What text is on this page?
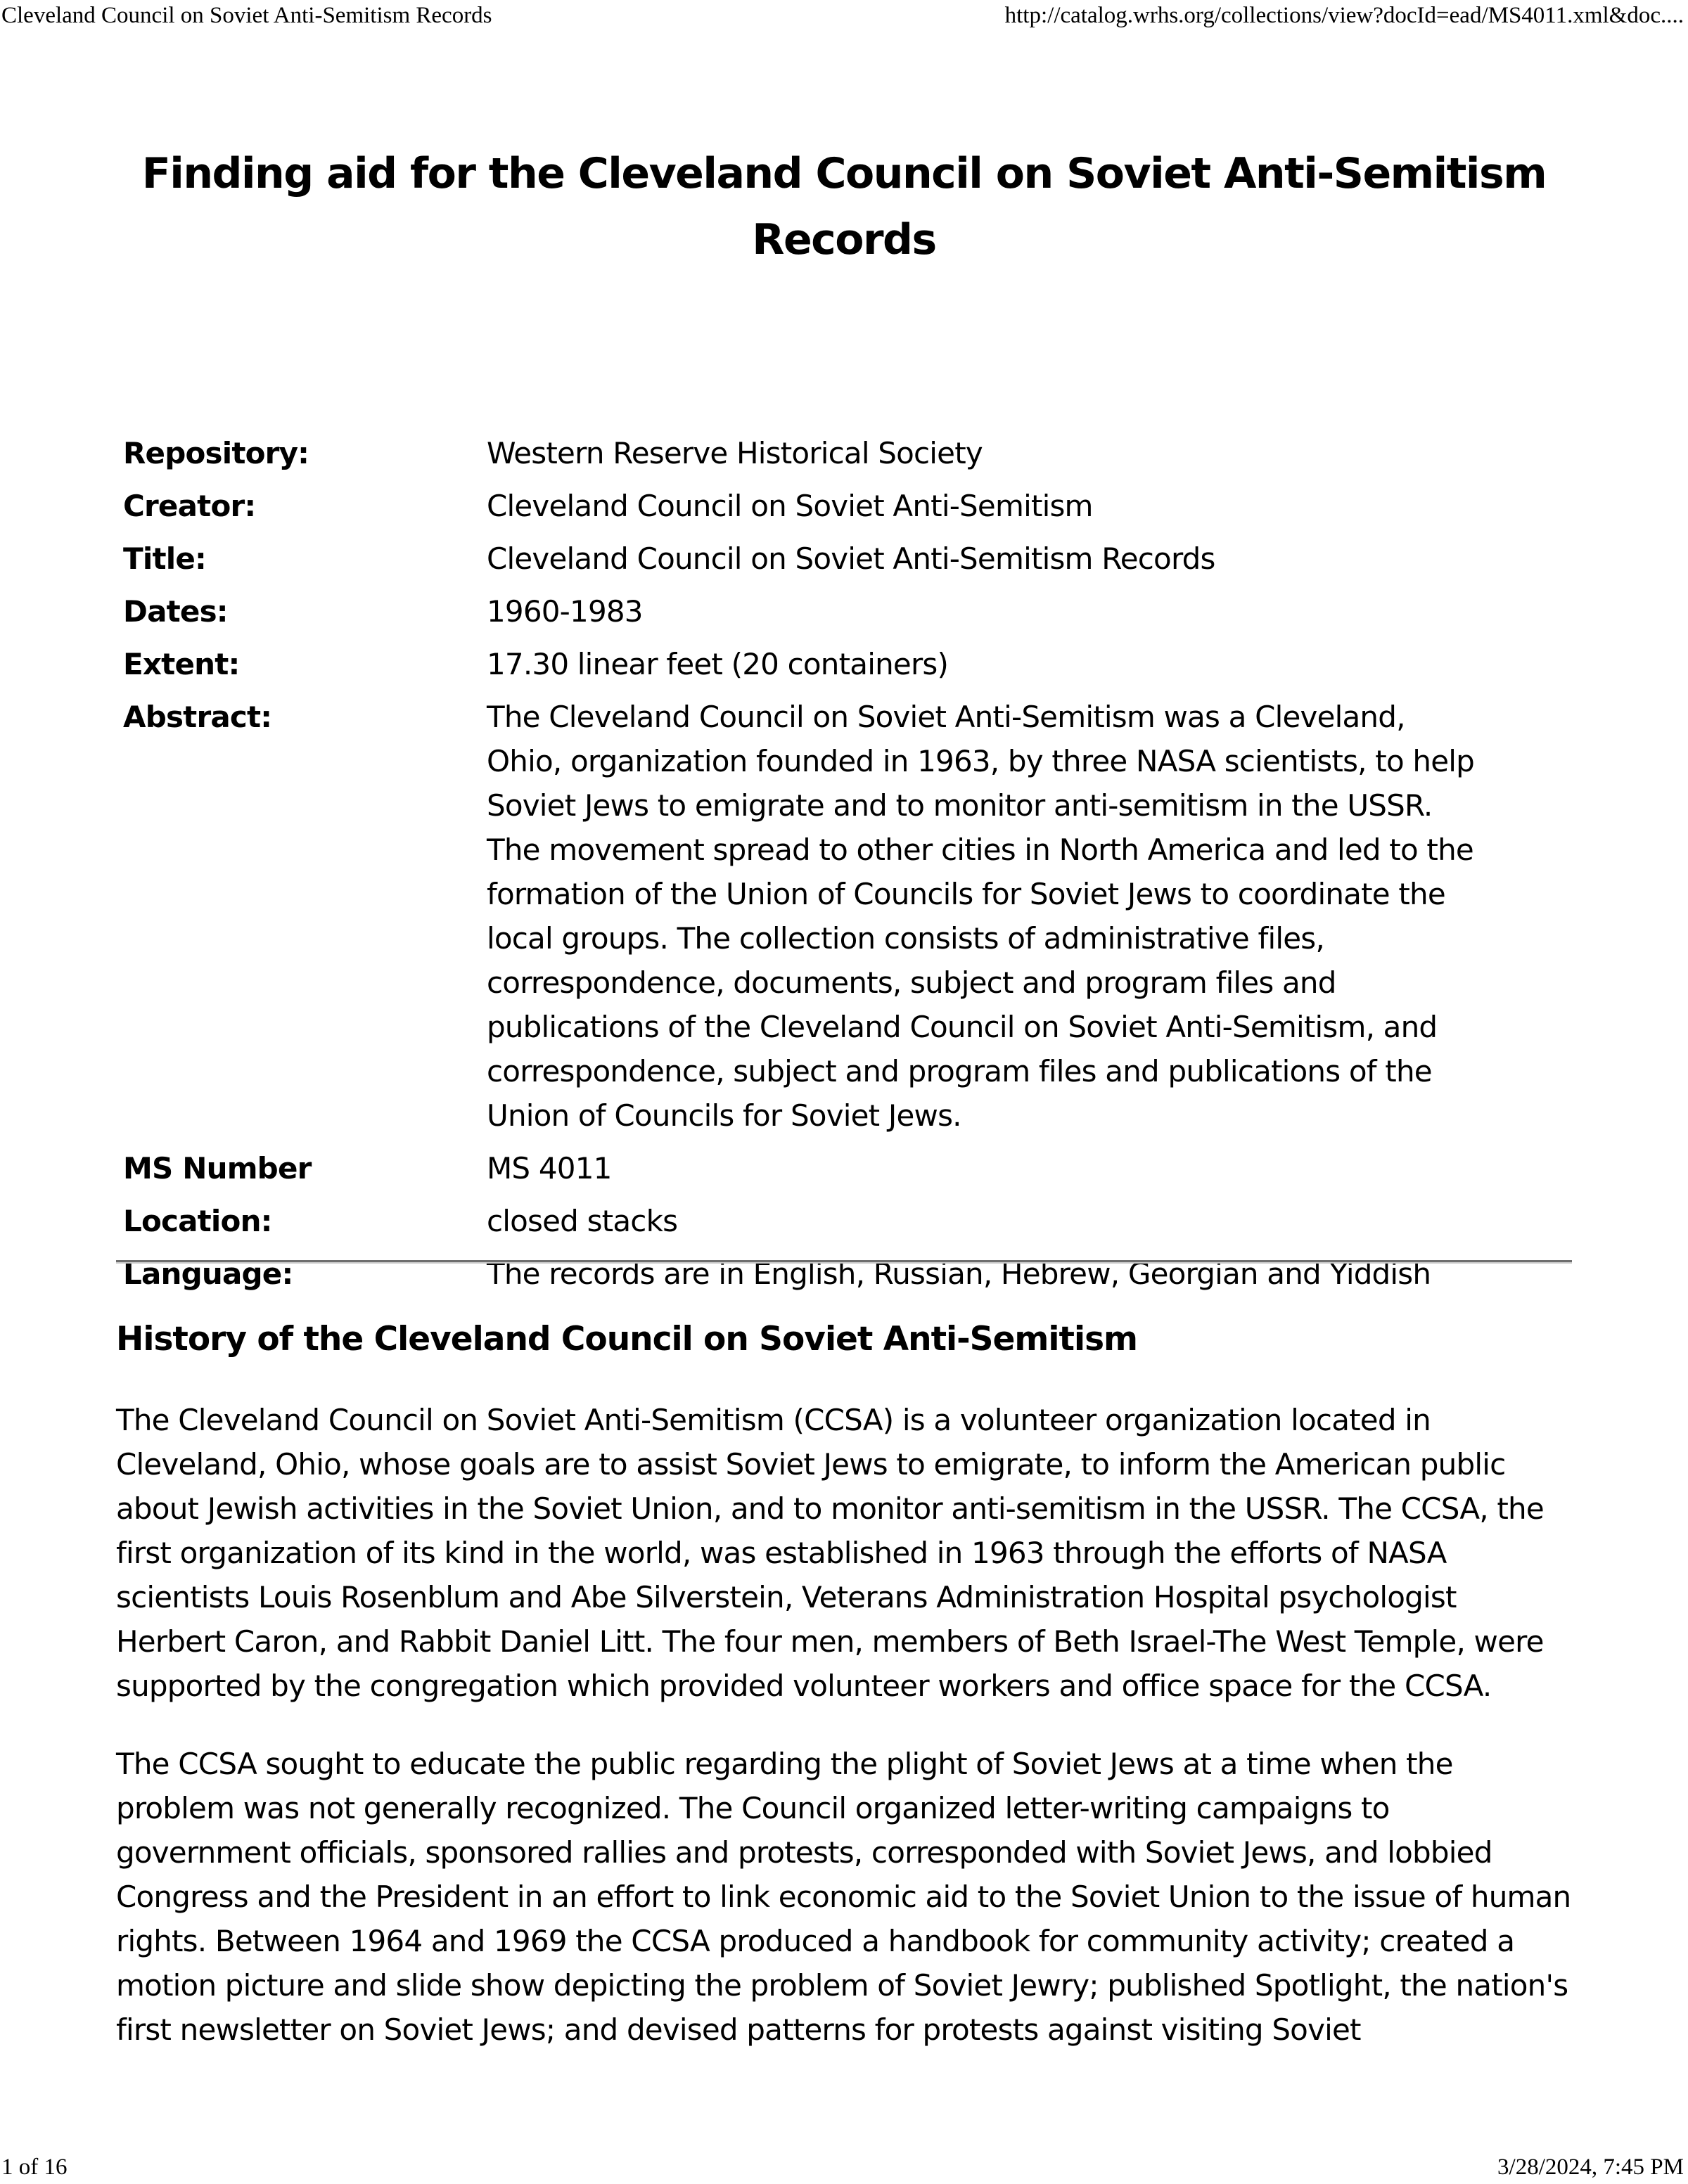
Cleveland Council on Soviet Anti-Semitism Records	http://catalog.wrhs.org/collections/view?docId=ead/MS4011.xml&doc....
Finding aid for the Cleveland Council on Soviet Anti-Semitism Records
Repository:	Western Reserve Historical Society
Creator:	Cleveland Council on Soviet Anti-Semitism
Title:	Cleveland Council on Soviet Anti-Semitism Records
Dates:	1960-1983
Extent:	17.30 linear feet (20 containers)
Abstract:	The Cleveland Council on Soviet Anti-Semitism was a Cleveland, Ohio, organization founded in 1963, by three NASA scientists, to help Soviet Jews to emigrate and to monitor anti-semitism in the USSR. The movement spread to other cities in North America and led to the formation of the Union of Councils for Soviet Jews to coordinate the local groups. The collection consists of administrative files, correspondence, documents, subject and program files and publications of the Cleveland Council on Soviet Anti-Semitism, and correspondence, subject and program files and publications of the Union of Councils for Soviet Jews.
MS Number	MS 4011
Location:	closed stacks
Language:	The records are in English, Russian, Hebrew, Georgian and Yiddish
History of the Cleveland Council on Soviet Anti-Semitism

The Cleveland Council on Soviet Anti-Semitism (CCSA) is a volunteer organization located in Cleveland, Ohio, whose goals are to assist Soviet Jews to emigrate, to inform the American public about Jewish activities in the Soviet Union, and to monitor anti-semitism in the USSR. The CCSA, the first organization of its kind in the world, was established in 1963 through the efforts of NASA scientists Louis Rosenblum and Abe Silverstein, Veterans Administration Hospital psychologist Herbert Caron, and Rabbit Daniel Litt. The four men, members of Beth Israel-The West Temple, were supported by the congregation which provided volunteer workers and office space for the CCSA.

The CCSA sought to educate the public regarding the plight of Soviet Jews at a time when the problem was not generally recognized. The Council organized letter-writing campaigns to government officials, sponsored rallies and protests, corresponded with Soviet Jews, and lobbied Congress and the President in an effort to link economic aid to the Soviet Union to the issue of human rights. Between 1964 and 1969 the CCSA produced a handbook for community activity; created a motion picture and slide show depicting the problem of Soviet Jewry; published Spotlight, the nation's first newsletter on Soviet Jews; and devised patterns for protests against visiting Soviet

1 of 16	3/28/2024, 7:45 PM
